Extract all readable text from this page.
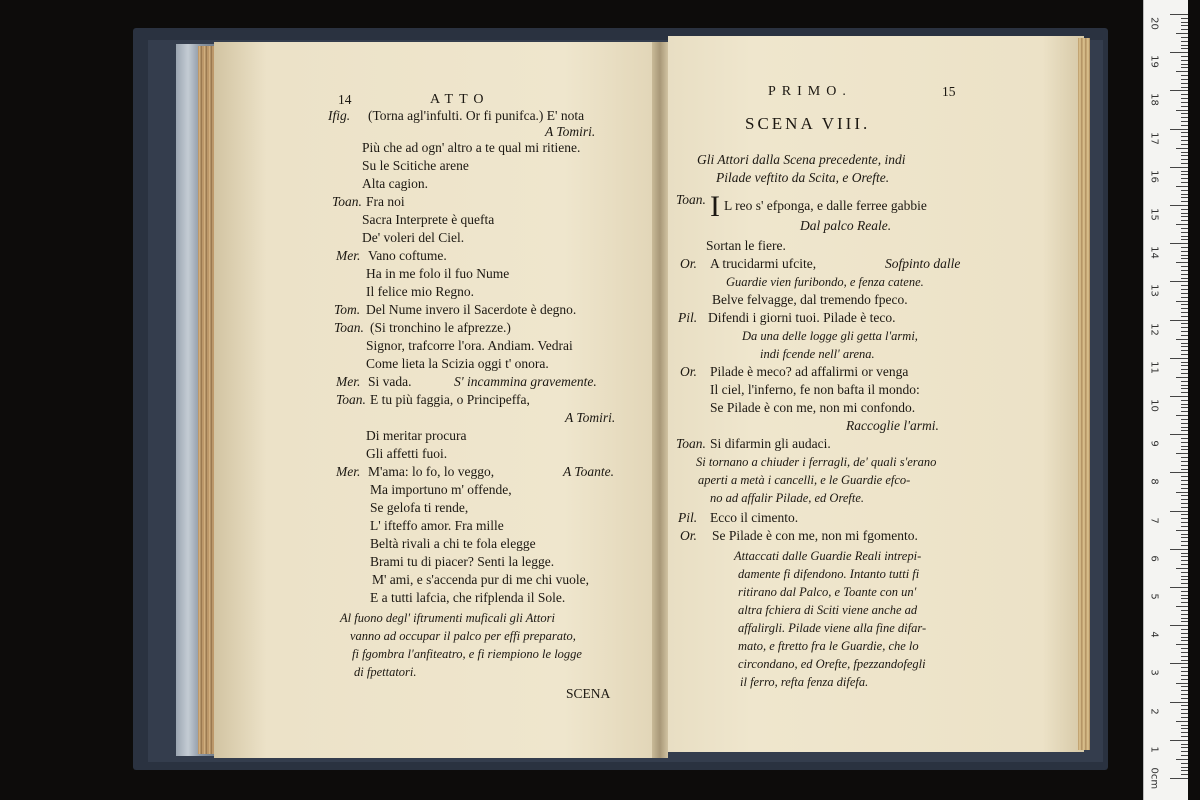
14	ATTO
Ifig. (Torna agl'infulti. Or fi punifca.) E' nota
A Tomiri.
Più che ad ogn' altro a te qual mi ritiene.
Su le Scitiche arene
Alta cagion.
Toan. Fra noi
Sacra Interprete è quefta
De' voleri del Ciel.
Mer. Vano coftume.
Ha in me folo il fuo Nume
Il felice mio Regno.
Tom. Del Nume invero il Sacerdote è degno.
Toan. (Si tronchino le afprezze.)
Signor, trafcorre l'ora. Andiam. Vedrai
Come lieta la Scizia oggi t' onora.
Mer. Si vada.	S' incammina gravemente.
Toan. E tu più faggia, o Principeffa,
A Tomiri.
Di meritar procura
Gli affetti fuoi.
Mer. M'ama: lo fo, lo veggo,	A Toante.
Ma importuno m' offende,
Se gelofa ti rende,
L' ifteffo amor. Fra mille
Beltà rivali a chi te fola elegge
Brami tu di piacer? Senti la legge.
M' ami, e s'accenda pur di me chi vuole,
E a tutti lafcia, che rifplenda il Sole.
Al fuono degl' iftrumenti muficali gli Attori
vanno ad occupar il palco per effi preparato,
fi fgombra l'anfiteatro, e fi riempiono le logge
di fpettatori.
SCENA
PRIMO.	15
SCENA VIII.
Gli Attori dalla Scena precedente, indi
Pilade veftito da Scita, e Orefte.
Toan. I L reo s' efponga, e dalle ferree gabbie
Dal palco Reale.
Sortan le fiere.
Or. A trucidarmi ufcite,	Sofpinto dalle
Guardie vien furibondo, e fenza catene.
Belve felvagge, dal tremendo fpeco.
Pil. Difendi i giorni tuoi. Pilade è teco.
Da una delle logge gli getta l'armi,
indi fcende nell' arena.
Or. Pilade è meco? ad affalirmi or venga
Il ciel, l'inferno, fe non bafta il mondo:
Se Pilade è con me, non mi confondo.
Raccoglie l'armi.
Toan. Si difarmin gli audaci.
Si tornano a chiuder i ferragli, de' quali s'erano
aperti a metà i cancelli, e le Guardie efco-
no ad affalir Pilade, ed Orefte.
Pil. Ecco il cimento.
Or. Se Pilade è con me, non mi fgomento.
Attaccati dalle Guardie Reali intrepi-
damente fi difendono. Intanto tutti fi
ritirano dal Palco, e Toante con un'
altra fchiera di Sciti viene anche ad
affalirgli. Pilade viene alla fine difar-
mato, e ftretto fra le Guardie, che lo
circondano, ed Orefte, fpezzandofegli
il ferro, refta fenza difefa.
20
19
18
17
16
15
14
13
12
11
10
9
8
7
6
5
4
3
2
1
0cm
